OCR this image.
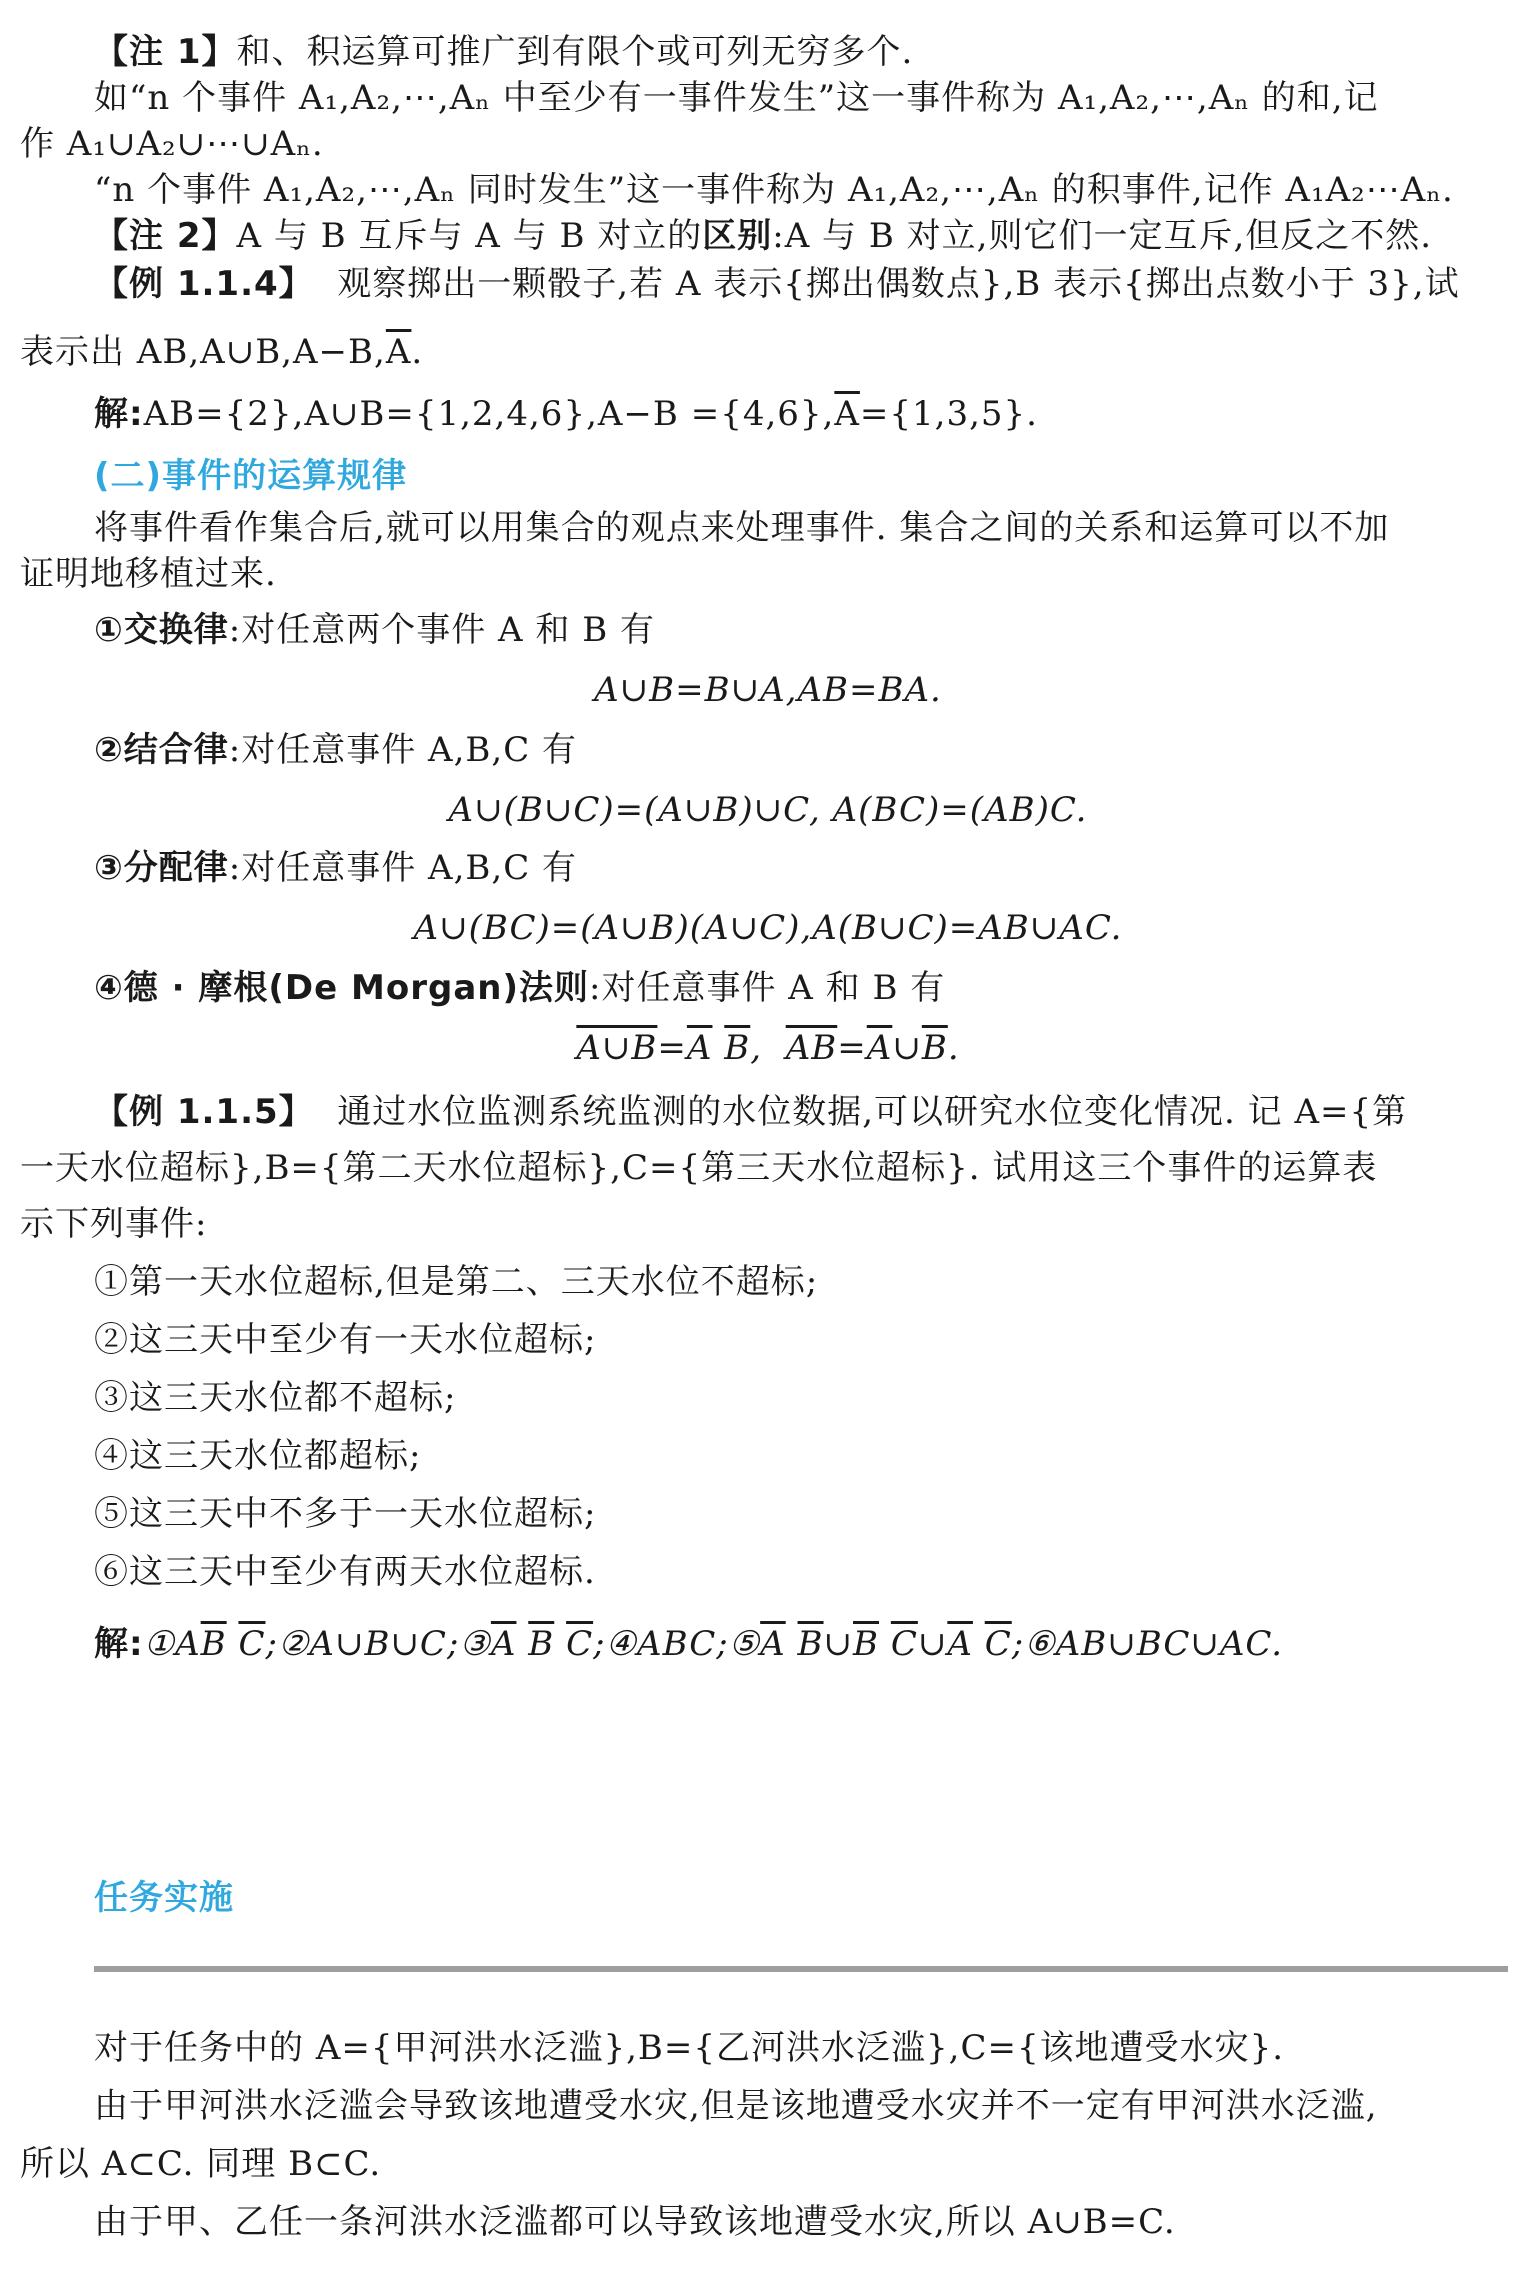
【注 1】和、积运算可推广到有限个或可列无穷多个.
如“n 个事件 A₁,A₂,⋯,Aₙ 中至少有一事件发生”这一事件称为 A₁,A₂,⋯,Aₙ 的和,记
作 A₁∪A₂∪⋯∪Aₙ.
“n 个事件 A₁,A₂,⋯,Aₙ 同时发生”这一事件称为 A₁,A₂,⋯,Aₙ 的积事件,记作 A₁A₂⋯Aₙ.
【注 2】A 与 B 互斥与 A 与 B 对立的区别:A 与 B 对立,则它们一定互斥,但反之不然.
【例 1.1.4】  观察掷出一颗骰子,若 A 表示{掷出偶数点},B 表示{掷出点数小于 3},试
表示出 $AB,A\cup B,A-B,\overline{A}$.
解:AB={2},A∪B={1,2,4,6},A−B $=\{4,6\},\overline{A}=\{1,3,5\}$.
(二)事件的运算规律
将事件看作集合后,就可以用集合的观点来处理事件. 集合之间的关系和运算可以不加
证明地移植过来.
①交换律:对任意两个事件 A 和 B 有
A∪B=B∪A,AB=BA.
②结合律:对任意事件 A,B,C 有
A∪(B∪C)=(A∪B)∪C, A(BC)=(AB)C.
③分配律:对任意事件 A,B,C 有
A∪(BC)=(A∪B)(A∪C),A(B∪C)=AB∪AC.
④德 · 摩根(De Morgan)法则:对任意事件 A 和 B 有
$A\cup B=\overline{A}$ $\overline{B}$,  $\overline{AB}=\overline{A}\cup\overline{B}$.
【例 1.1.5】  通过水位监测系统监测的水位数据,可以研究水位变化情况. 记 A={第
一天水位超标},B={第二天水位超标},C={第三天水位超标}. 试用这三个事件的运算表
示下列事件:
①第一天水位超标,但是第二、三天水位不超标;
②这三天中至少有一天水位超标;
③这三天水位都不超标;
④这三天水位都超标;
⑤这三天中不多于一天水位超标;
⑥这三天中至少有两天水位超标.
解$:①A\overline{B}$ $\overline{C};②A\cup B\cup C;③\overline{A}$ $\overline{B}$ $\overline{C};④ABC;⑤\overline{A}$ $\overline{B}\cup\overline{B}$ $\overline{C}\cup\overline{A}$ $\overline{C};⑥AB\cup BC\cup AC$.
任务实施
对于任务中的 A={甲河洪水泛滥},B={乙河洪水泛滥},C={该地遭受水灾}.
由于甲河洪水泛滥会导致该地遭受水灾,但是该地遭受水灾并不一定有甲河洪水泛滥,
所以 A⊂C. 同理 B⊂C.
由于甲、乙任一条河洪水泛滥都可以导致该地遭受水灾,所以 A∪B=C.
